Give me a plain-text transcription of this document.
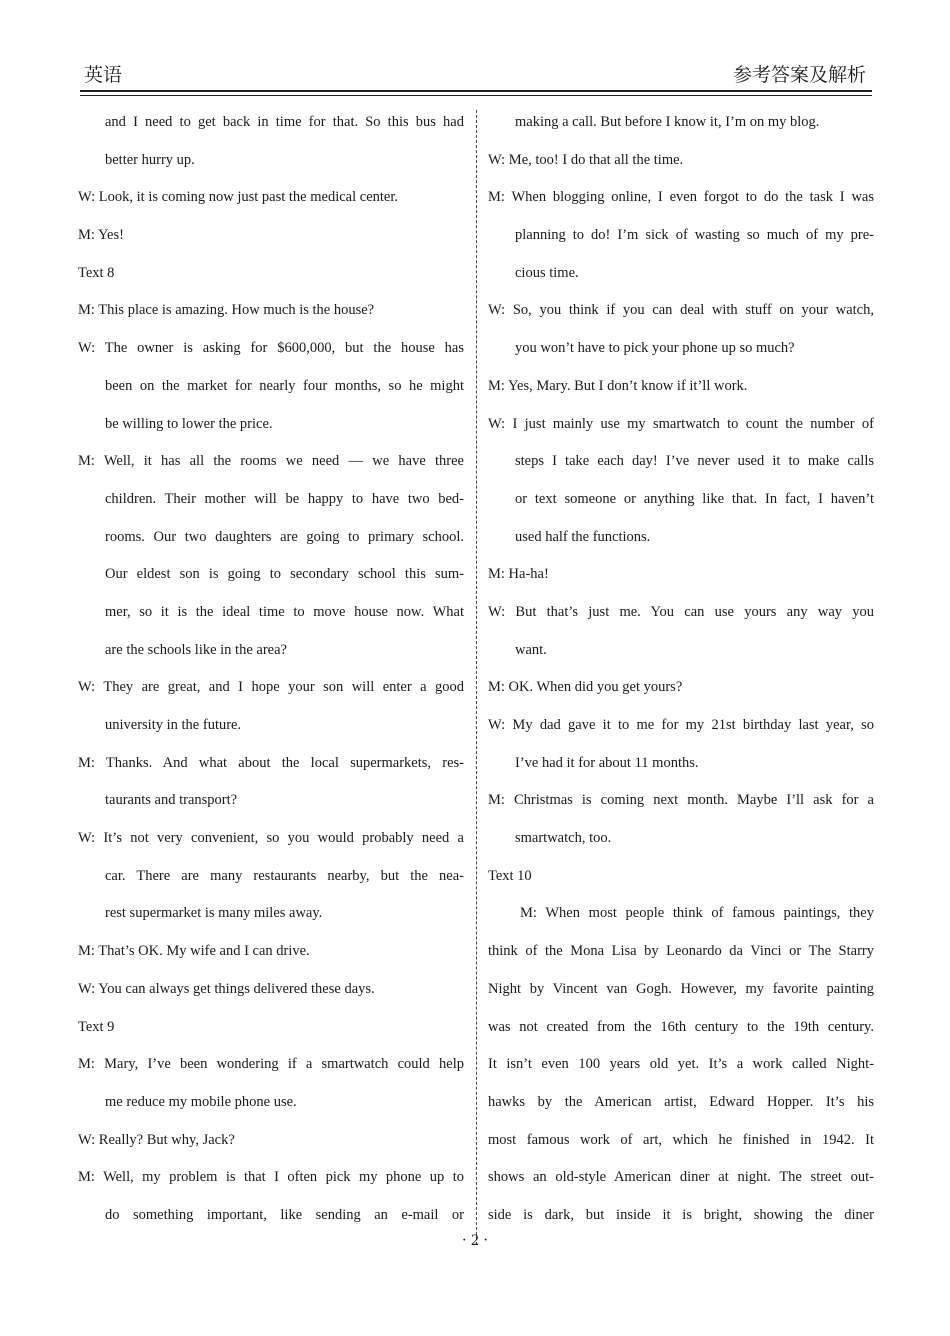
英语	参考答案及解析
and I need to get back in time for that. So this bus had
better hurry up.
W: Look, it is coming now just past the medical center.
M: Yes!
Text 8
M: This place is amazing. How much is the house?
W: The owner is asking for $600,000, but the house has
been on the market for nearly four months, so he might
be willing to lower the price.
M: Well, it has all the rooms we need — we have three
children. Their mother will be happy to have two bed-
rooms. Our two daughters are going to primary school.
Our eldest son is going to secondary school this sum-
mer, so it is the ideal time to move house now. What
are the schools like in the area?
W: They are great, and I hope your son will enter a good
university in the future.
M: Thanks. And what about the local supermarkets, res-
taurants and transport?
W: It’s not very convenient, so you would probably need a
car. There are many restaurants nearby, but the nea-
rest supermarket is many miles away.
M: That’s OK. My wife and I can drive.
W: You can always get things delivered these days.
Text 9
M: Mary, I’ve been wondering if a smartwatch could help
me reduce my mobile phone use.
W: Really? But why, Jack?
M: Well, my problem is that I often pick my phone up to
do something important, like sending an e-mail or
making a call. But before I know it, I’m on my blog.
W: Me, too! I do that all the time.
M: When blogging online, I even forgot to do the task I was
planning to do! I’m sick of wasting so much of my pre-
cious time.
W: So, you think if you can deal with stuff on your watch,
you won’t have to pick your phone up so much?
M: Yes, Mary. But I don’t know if it’ll work.
W: I just mainly use my smartwatch to count the number of
steps I take each day! I’ve never used it to make calls
or text someone or anything like that. In fact, I haven’t
used half the functions.
M: Ha-ha!
W: But that’s just me. You can use yours any way you
want.
M: OK. When did you get yours?
W: My dad gave it to me for my 21st birthday last year, so
I’ve had it for about 11 months.
M: Christmas is coming next month. Maybe I’ll ask for a
smartwatch, too.
Text 10
M: When most people think of famous paintings, they
think of the Mona Lisa by Leonardo da Vinci or The Starry
Night by Vincent van Gogh. However, my favorite painting
was not created from the 16th century to the 19th century.
It isn’t even 100 years old yet. It’s a work called Night-
hawks by the American artist, Edward Hopper. It’s his
most famous work of art, which he finished in 1942. It
shows an old-style American diner at night. The street out-
side is dark, but inside it is bright, showing the diner
· 2 ·
